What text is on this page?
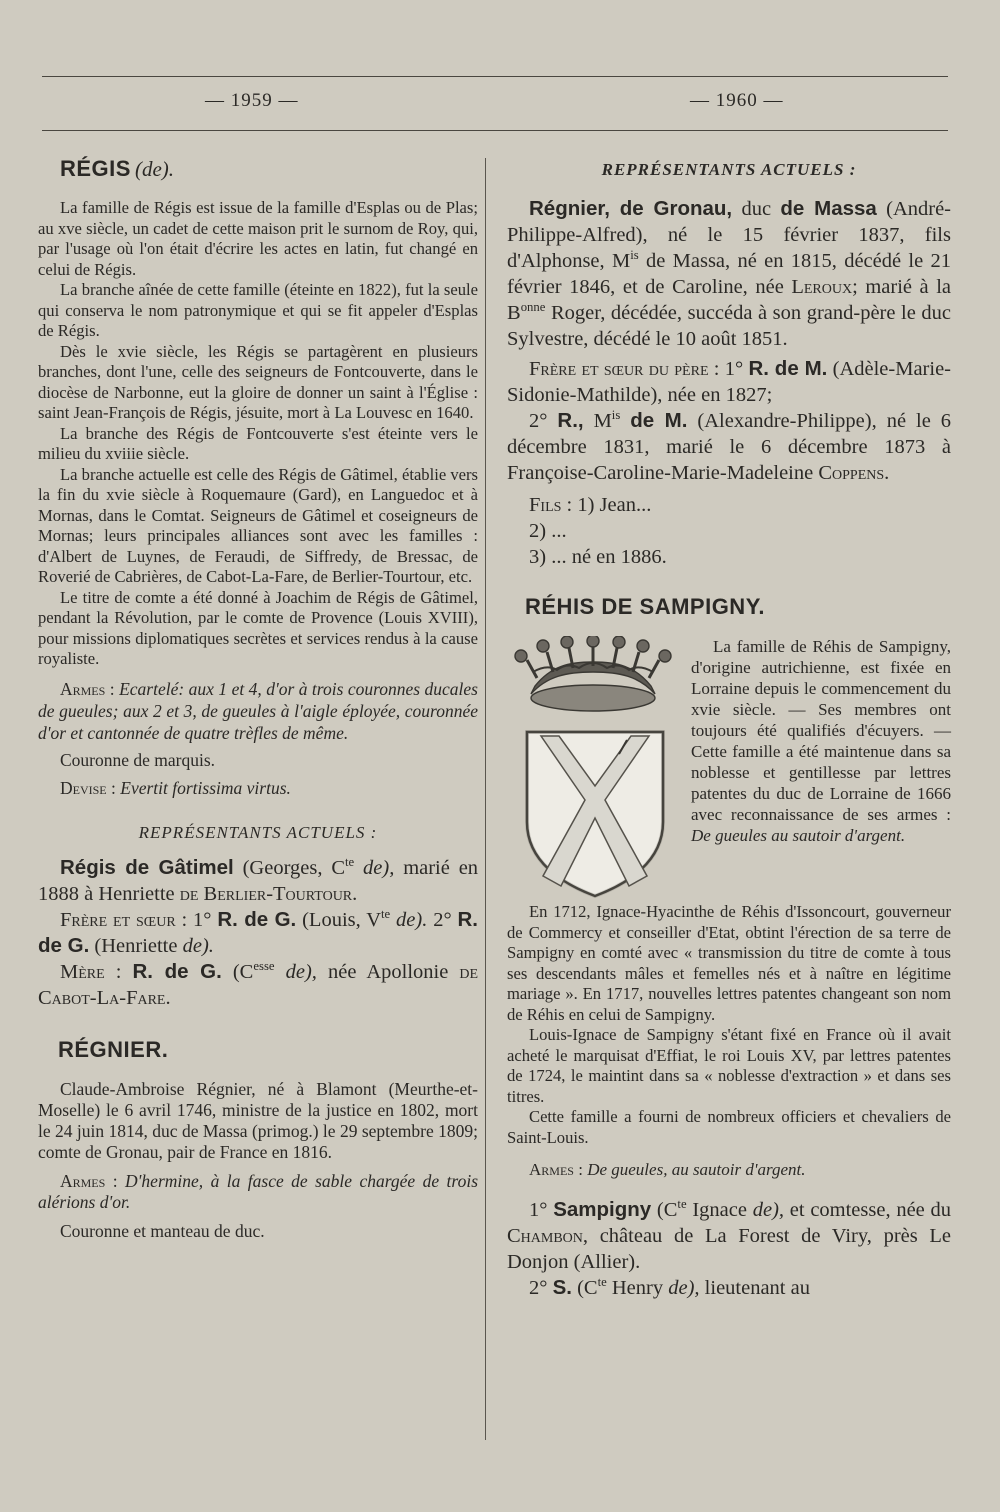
— 1959 —	— 1960 —
RÉGIS (de).

La famille de Régis est issue de la famille d'Esplas ou de Plas; au xve siècle, un cadet de cette maison prit le surnom de Roy, qui, par l'usage où l'on était d'écrire les actes en latin, fut changé en celui de Régis.

La branche aînée de cette famille (éteinte en 1822), fut la seule qui conserva le nom patronymique et qui se fit appeler d'Esplas de Régis.

Dès le xvie siècle, les Régis se partagèrent en plusieurs branches, dont l'une, celle des seigneurs de Fontcouverte, dans le diocèse de Narbonne, eut la gloire de donner un saint à l'Église : saint Jean-François de Régis, jésuite, mort à La Louvesc en 1640.

La branche des Régis de Fontcouverte s'est éteinte vers le milieu du xviiie siècle.

La branche actuelle est celle des Régis de Gâtimel, établie vers la fin du xvie siècle à Roquemaure (Gard), en Languedoc et à Mornas, dans le Comtat. Seigneurs de Gâtimel et coseigneurs de Mornas; leurs principales alliances sont avec les familles : d'Albert de Luynes, de Feraudi, de Siffredy, de Bressac, de Roverié de Cabrières, de Cabot-La-Fare, de Berlier-Tourtour, etc.

Le titre de comte a été donné à Joachim de Régis de Gâtimel, pendant la Révolution, par le comte de Provence (Louis XVIII), pour missions diplomatiques secrètes et services rendus à la cause royaliste.

Armes : Ecartelé: aux 1 et 4, d'or à trois couronnes ducales de gueules; aux 2 et 3, de gueules à l'aigle éployée, couronnée d'or et cantonnée de quatre trèfles de même.

Couronne de marquis.

Devise : Evertit fortissima virtus.

REPRÉSENTANTS ACTUELS :

Régis de Gâtimel (Georges, $C^{te}$ de), marié en 1888 à Henriette de Berlier-Tourtour.

Frère et sœur : 1° R. de G. (Louis, $V^{te}$ de). 2° R. de G. (Henriette de).

Mère : R. de G. ($C^{esse}$ de), née Apollonie de Cabot-La-Fare.

RÉGNIER.

Claude-Ambroise Régnier, né à Blamont (Meurthe-et-Moselle) le 6 avril 1746, ministre de la justice en 1802, mort le 24 juin 1814, duc de Massa (primog.) le 29 septembre 1809; comte de Gronau, pair de France en 1816.

Armes : D'hermine, à la fasce de sable chargée de trois alérions d'or.

Couronne et manteau de duc.

REPRÉSENTANTS ACTUELS :

Régnier, de Gronau, duc de Massa (André-Philippe-Alfred), né le 15 février 1837, fils d'Alphonse, $M^{is}$ de Massa, né en 1815, décédé le 21 février 1846, et de Caroline, née Leroux; marié à la $B^{onne}$ Roger, décédée, succéda à son grand-père le duc Sylvestre, décédé le 10 août 1851.

Frère et sœur du père : 1° R. de M. (Adèle-Marie-Sidonie-Mathilde), née en 1827;

2° R., $M^{is}$ de M. (Alexandre-Philippe), né le 6 décembre 1831, marié le 6 décembre 1873 à Françoise-Caroline-Marie-Madeleine Coppens.

Fils : 1) Jean...

2) ...

3) ... né en 1886.

RÉHIS DE SAMPIGNY.

La famille de Réhis de Sampigny, d'origine autrichienne, est fixée en Lorraine depuis le commencement du xvie siècle. — Ses membres ont toujours été qualifiés d'écuyers. — Cette famille a été maintenue dans sa noblesse et gentillesse par lettres patentes du duc de Lorraine de 1666 avec reconnaissance de ses armes : De gueules au sautoir d'argent.

En 1712, Ignace-Hyacinthe de Réhis d'Issoncourt, gouverneur de Commercy et conseiller d'Etat, obtint l'érection de sa terre de Sampigny en comté avec « transmission du titre de comte à tous ses descendants mâles et femelles nés et à naître en légitime mariage ». En 1717, nouvelles lettres patentes changeant son nom de Réhis en celui de Sampigny.

Louis-Ignace de Sampigny s'étant fixé en France où il avait acheté le marquisat d'Effiat, le roi Louis XV, par lettres patentes de 1724, le maintint dans sa « noblesse d'extraction » et dans ses titres.

Cette famille a fourni de nombreux officiers et chevaliers de Saint-Louis.

Armes : De gueules, au sautoir d'argent.

1° Sampigny ($C^{te}$ Ignace de), et comtesse, née du Chambon, château de La Forest de Viry, près Le Donjon (Allier).

2° S. ($C^{te}$ Henry de), lieutenant au
